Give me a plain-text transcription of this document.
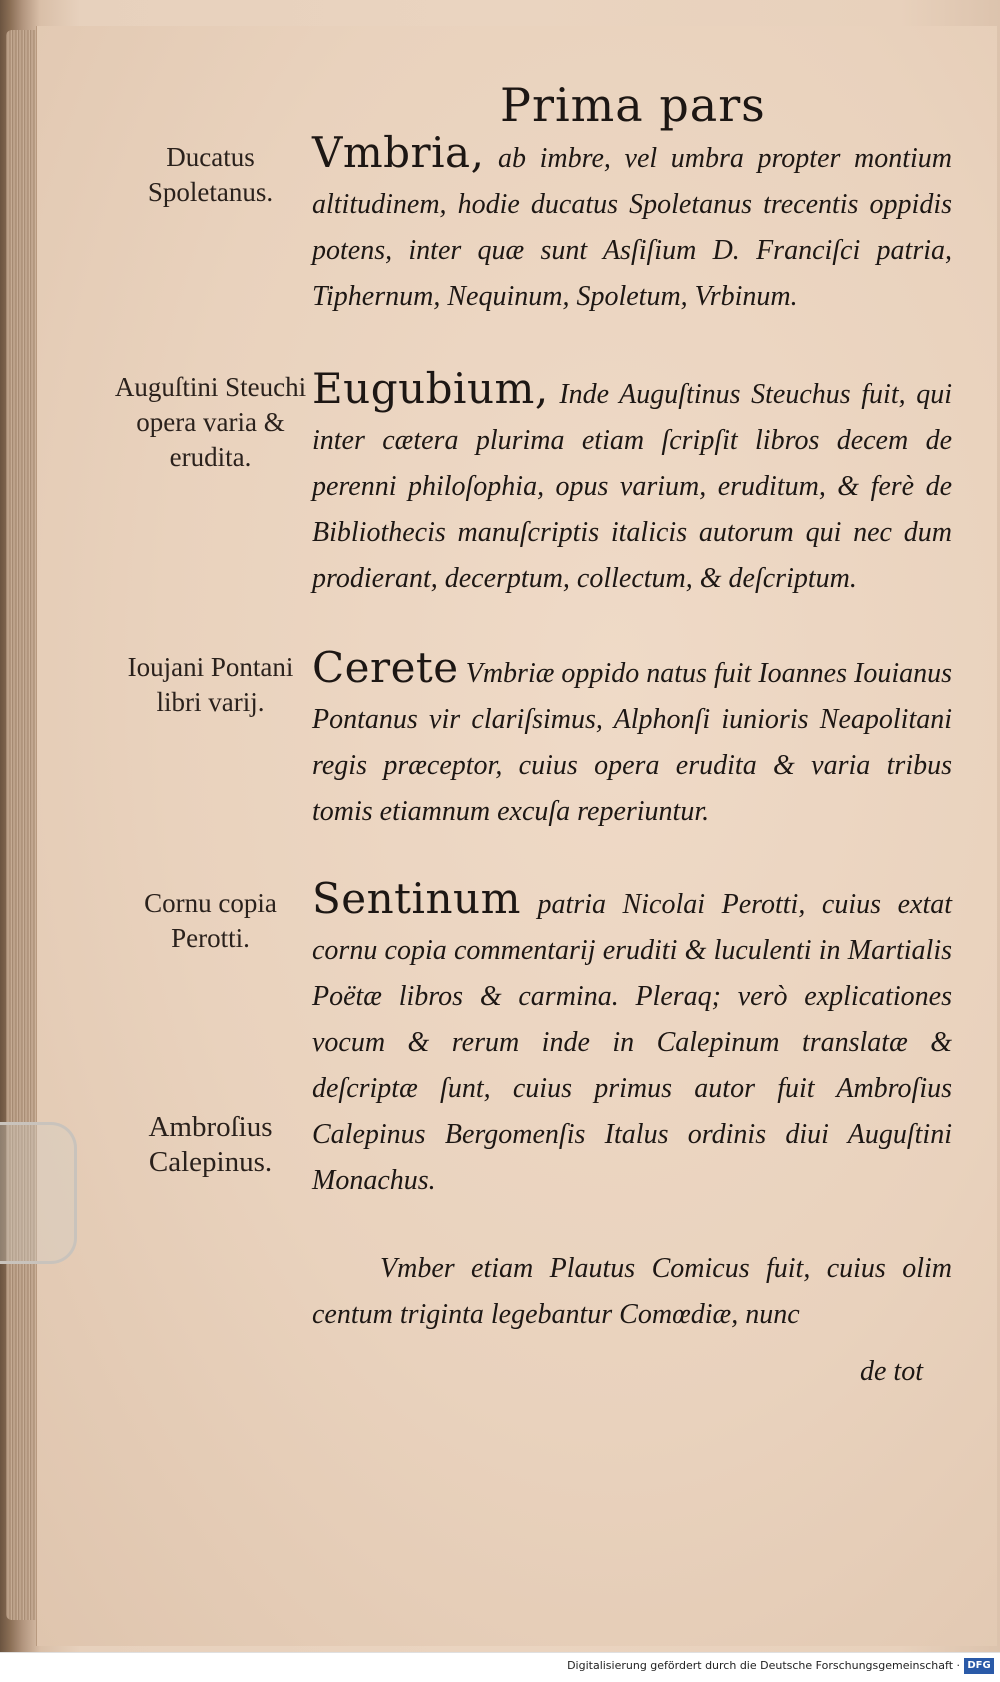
Prima pars
Ducatus Spoletanus.
Vmbria, ab imbre, vel umbra propter montium altitudinem, hodie ducatus Spoletanus trecentis oppidis potens, inter quæ sunt Asſiſium D. Franciſci patria, Tiphernum, Nequinum, Spoletum, Vrbinum.
Auguſtini Steuchi opera varia & erudita.
Eugubium, Inde Auguſtinus Steuchus fuit, qui inter cætera plurima etiam ſcripſit libros decem de perenni philoſophia, opus varium, eruditum, & ferè de Bibliothecis manuſcriptis italicis autorum qui nec dum prodierant, decerptum, collectum, & deſcriptum.
Ioujani Pontani libri varij.
Cerete Vmbriæ oppido natus fuit Ioannes Iouianus Pontanus vir clariſsimus, Alphonſi iunioris Neapolitani regis præceptor, cuius opera erudita & varia tribus tomis etiamnum excuſa reperiuntur.
Cornu copia Perotti.
Sentinum patria Nicolai Perotti, cuius extat cornu copia commentarij eruditi & luculenti in Martialis Poëtæ libros & carmina. Pleraq; verò explicationes vocum & rerum inde in Calepinum translatæ & deſcriptæ ſunt, cuius primus autor fuit Ambroſius Calepinus Bergomenſis Italus ordinis diui Auguſtini Monachus.
Ambroſius Calepinus.
Vmber etiam Plautus Comicus fuit, cuius olim centum triginta legebantur Comœdiæ, nunc
de tot
Digitalisierung gefördert durch die Deutsche Forschungsgemeinschaft · DFG
